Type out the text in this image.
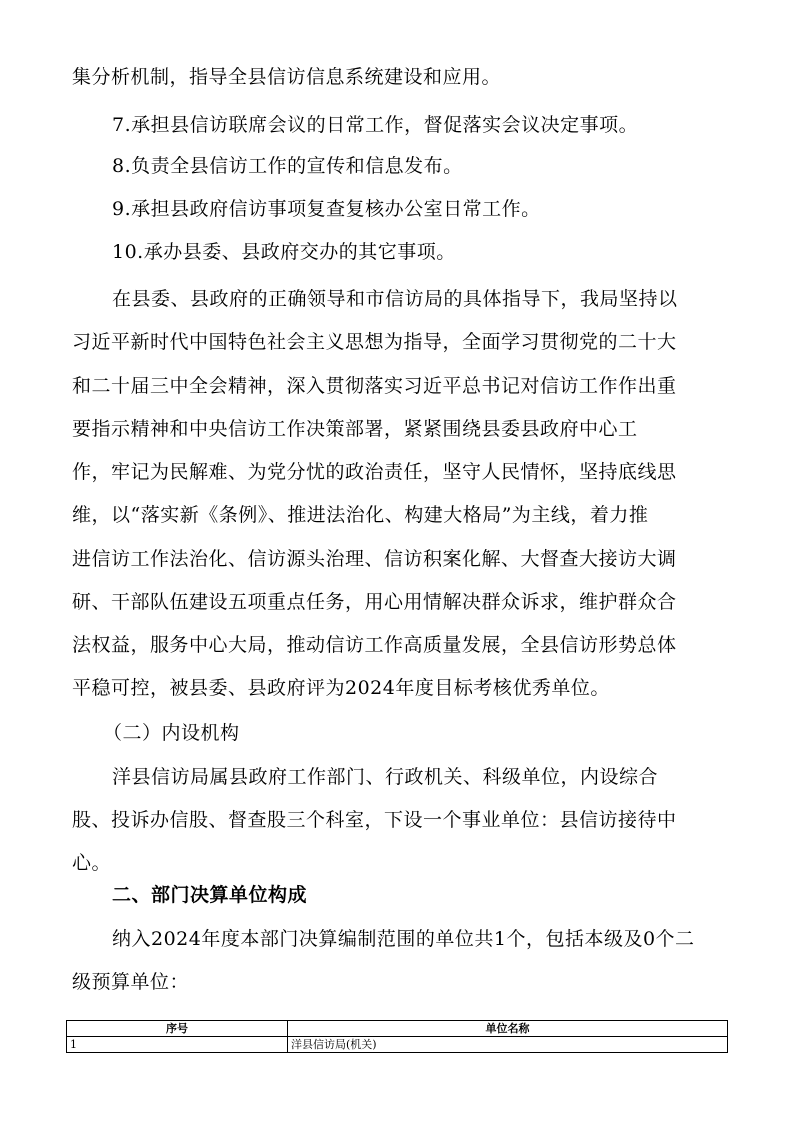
集分析机制，指导全县信访信息系统建设和应用。
7.承担县信访联席会议的日常工作，督促落实会议决定事项。
8.负责全县信访工作的宣传和信息发布。
9.承担县政府信访事项复查复核办公室日常工作。
10.承办县委、县政府交办的其它事项。
在县委、县政府的正确领导和市信访局的具体指导下，我局坚持以
习近平新时代中国特色社会主义思想为指导，全面学习贯彻党的二十大
和二十届三中全会精神，深入贯彻落实习近平总书记对信访工作作出重
要指示精神和中央信访工作决策部署，紧紧围绕县委县政府中心工
作，牢记为民解难、为党分忧的政治责任，坚守人民情怀，坚持底线思
维，以“落实新《条例》、推进法治化、构建大格局”为主线，着力推
进信访工作法治化、信访源头治理、信访积案化解、大督查大接访大调
研、干部队伍建设五项重点任务，用心用情解决群众诉求，维护群众合
法权益，服务中心大局，推动信访工作高质量发展，全县信访形势总体
平稳可控，被县委、县政府评为2024年度目标考核优秀单位。
（二）内设机构
洋县信访局属县政府工作部门、行政机关、科级单位，内设综合
股、投诉办信股、督查股三个科室，下设一个事业单位：县信访接待中
心。
二、部门决算单位构成
纳入2024年度本部门决算编制范围的单位共1个，包括本级及0个二
级预算单位：
序号	单位名称
1	洋县信访局(机关)
